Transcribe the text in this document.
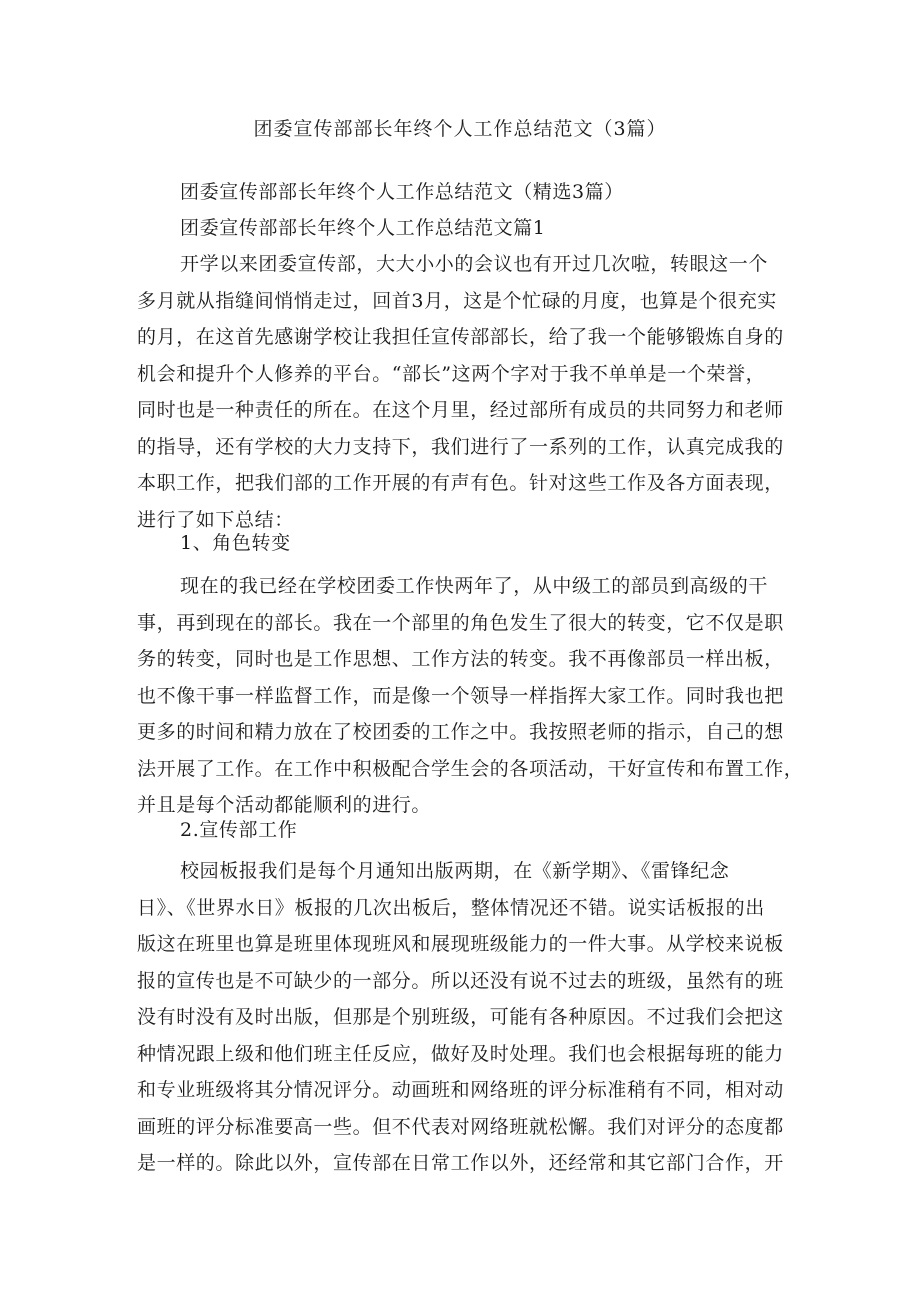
团委宣传部部长年终个人工作总结范文（3篇）

团委宣传部部长年终个人工作总结范文（精选3篇）

团委宣传部部长年终个人工作总结范文篇1

开学以来团委宣传部，大大小小的会议也有开过几次啦，转眼这一个
多月就从指缝间悄悄走过，回首3月，这是个忙碌的月度，也算是个很充实
的月，在这首先感谢学校让我担任宣传部部长，给了我一个能够锻炼自身的
机会和提升个人修养的平台。“部长”这两个字对于我不单单是一个荣誉，
同时也是一种责任的所在。在这个月里，经过部所有成员的共同努力和老师
的指导，还有学校的大力支持下，我们进行了一系列的工作，认真完成我的
本职工作，把我们部的工作开展的有声有色。针对这些工作及各方面表现，
进行了如下总结：

1、角色转变

现在的我已经在学校团委工作快两年了，从中级工的部员到高级的干
事，再到现在的部长。我在一个部里的角色发生了很大的转变，它不仅是职
务的转变，同时也是工作思想、工作方法的转变。我不再像部员一样出板，
也不像干事一样监督工作，而是像一个领导一样指挥大家工作。同时我也把
更多的时间和精力放在了校团委的工作之中。我按照老师的指示，自己的想
法开展了工作。在工作中积极配合学生会的各项活动，干好宣传和布置工作，
并且是每个活动都能顺利的进行。

2.宣传部工作

校园板报我们是每个月通知出版两期，在《新学期》、《雷锋纪念
日》、《世界水日》板报的几次出板后，整体情况还不错。说实话板报的出
版这在班里也算是班里体现班风和展现班级能力的一件大事。从学校来说板
报的宣传也是不可缺少的一部分。所以还没有说不过去的班级，虽然有的班
没有时没有及时出版，但那是个别班级，可能有各种原因。不过我们会把这
种情况跟上级和他们班主任反应，做好及时处理。我们也会根据每班的能力
和专业班级将其分情况评分。动画班和网络班的评分标准稍有不同，相对动
画班的评分标准要高一些。但不代表对网络班就松懈。我们对评分的态度都
是一样的。除此以外，宣传部在日常工作以外，还经常和其它部门合作，开
